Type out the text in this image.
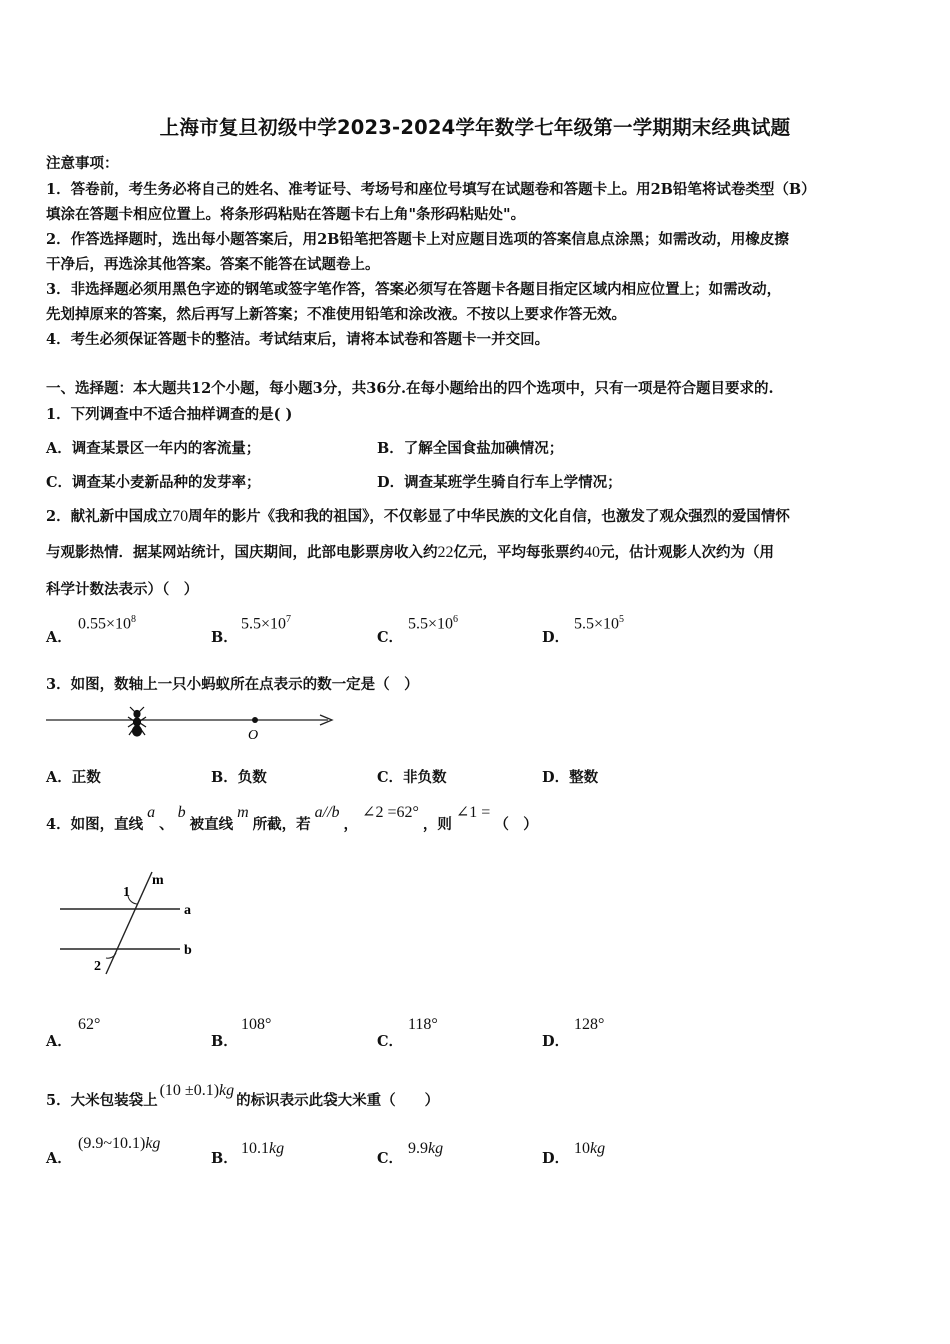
上海市复旦初级中学2023-2024学年数学七年级第一学期期末经典试题
注意事项：
1．答卷前，考生务必将自己的姓名、准考证号、考场号和座位号填写在试题卷和答题卡上。用2B铅笔将试卷类型（B）
填涂在答题卡相应位置上。将条形码粘贴在答题卡右上角"条形码粘贴处"。
2．作答选择题时，选出每小题答案后，用2B铅笔把答题卡上对应题目选项的答案信息点涂黑；如需改动，用橡皮擦
干净后，再选涂其他答案。答案不能答在试题卷上。
3．非选择题必须用黑色字迹的钢笔或签字笔作答，答案必须写在答题卡各题目指定区域内相应位置上；如需改动，
先划掉原来的答案，然后再写上新答案；不准使用铅笔和涂改液。不按以上要求作答无效。
4．考生必须保证答题卡的整洁。考试结束后，请将本试卷和答题卡一并交回。
一、选择题：本大题共12个小题，每小题3分，共36分.在每小题给出的四个选项中，只有一项是符合题目要求的.
1．下列调查中不适合抽样调查的是( )
A．调查某景区一年内的客流量；	B．了解全国食盐加碘情况；
C．调查某小麦新品种的发芽率；	D．调查某班学生骑自行车上学情况；
2．献礼新中国成立70周年的影片《我和我的祖国》，不仅彰显了中华民族的文化自信，也激发了观众强烈的爱国情怀
与观影热情．据某网站统计，国庆期间，此部电影票房收入约22亿元，平均每张票约40元，估计观影人次约为（用
科学计数法表示）（　）
A．
$0.55\times 10^8$
B．
$5.5\times 10^7$
C．
$5.5\times 10^6$
D．
$5.5\times 10^5$
3．如图，数轴上一只小蚂蚁所在点表示的数一定是（　）
O
A．正数	B．负数	C．非负数	D．整数
4．如图，直线a、b被直线m所截，若a//b，∠2 =62°，则∠1 =（　）
m
a
b
1
2
A．
62°
B．
108°
C．
118°
D．
128°
5．大米包装袋上(10 ±0.1)kg的标识表示此袋大米重（　　）
A．
(9.9~10.1)kg
B．
10.1kg
C．
9.9kg
D．
10kg
